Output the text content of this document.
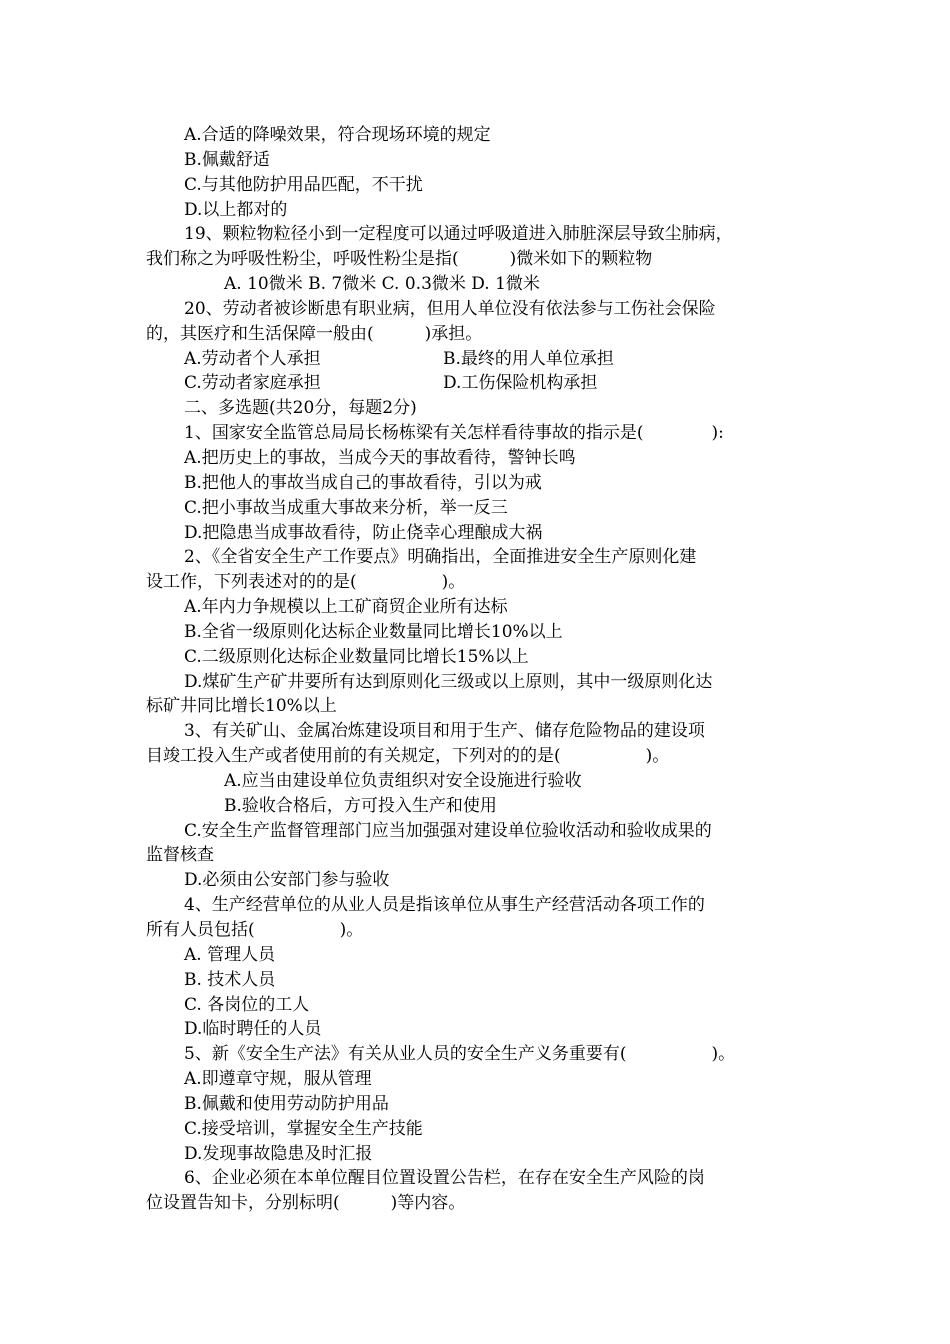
A.合适的降噪效果，符合现场环境的规定
B.佩戴舒适
C.与其他防护用品匹配，不干扰
D.以上都对的
19、颗粒物粒径小到一定程度可以通过呼吸道进入肺脏深层导致尘肺病，
我们称之为呼吸性粉尘，呼吸性粉尘是指(　　　)微米如下的颗粒物
A. 10微米 B. 7微米 C. 0.3微米 D. 1微米
20、劳动者被诊断患有职业病，但用人单位没有依法参与工伤社会保险
的，其医疗和生活保障一般由(　　　)承担。
A.劳动者个人承担	B.最终的用人单位承担
C.劳动者家庭承担	D.工伤保险机构承担
二、多选题(共20分，每题2分)
1、国家安全监管总局局长杨栋梁有关怎样看待事故的指示是(　　　　):
A.把历史上的事故，当成今天的事故看待，警钟长鸣
B.把他人的事故当成自己的事故看待，引以为戒
C.把小事故当成重大事故来分析，举一反三
D.把隐患当成事故看待，防止侥幸心理酿成大祸
2、《全省安全生产工作要点》明确指出，全面推进安全生产原则化建
设工作，下列表述对的的是(　　　　　)。
A.年内力争规模以上工矿商贸企业所有达标
B.全省一级原则化达标企业数量同比增长10%以上
C.二级原则化达标企业数量同比增长15%以上
D.煤矿生产矿井要所有达到原则化三级或以上原则，其中一级原则化达
标矿井同比增长10%以上
3、有关矿山、金属冶炼建设项目和用于生产、储存危险物品的建设项
目竣工投入生产或者使用前的有关规定，下列对的的是(　　　　　)。
A.应当由建设单位负责组织对安全设施进行验收
B.验收合格后，方可投入生产和使用
C.安全生产监督管理部门应当加强强对建设单位验收活动和验收成果的
监督核查
D.必须由公安部门参与验收
4、生产经营单位的从业人员是指该单位从事生产经营活动各项工作的
所有人员包括(　　　　　)。
A. 管理人员
B. 技术人员
C. 各岗位的工人
D.临时聘任的人员
5、新《安全生产法》有关从业人员的安全生产义务重要有(　　　　　)。
A.即遵章守规，服从管理
B.佩戴和使用劳动防护用品
C.接受培训，掌握安全生产技能
D.发现事故隐患及时汇报
6、企业必须在本单位醒目位置设置公告栏，在存在安全生产风险的岗
位设置告知卡，分别标明(　　　)等内容。
